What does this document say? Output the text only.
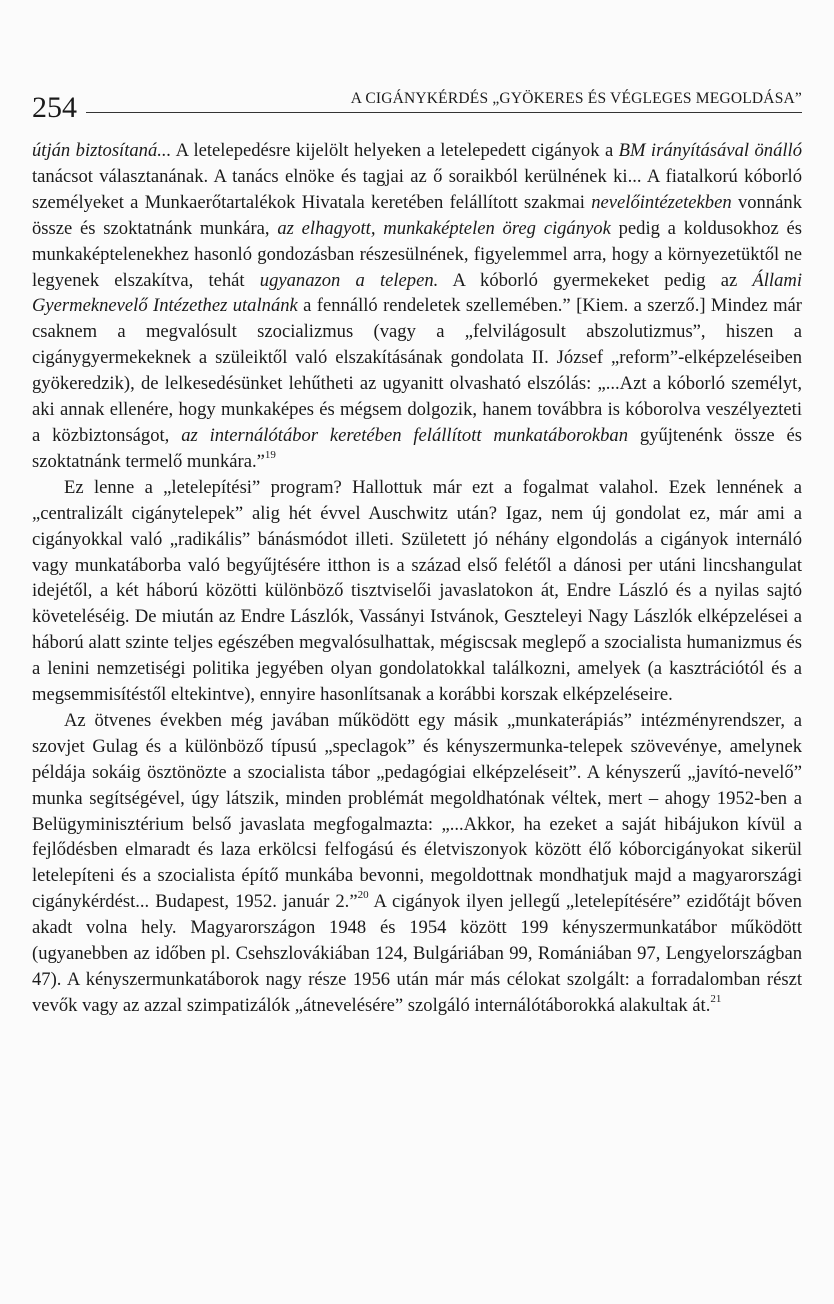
254	A CIGÁNYKÉRDÉS „GYÖKERES ÉS VÉGLEGES MEGOLDÁSA”

útján biztosítaná... A letelepedésre kijelölt helyeken a letelepedett cigányok a BM irányításával önálló tanácsot választanának. A tanács elnöke és tagjai az ő soraikból kerülnének ki... A fiatalkorú kóborló személyeket a Munkaerőtartalékok Hivatala keretében felállított szakmai nevelőintézetekben vonnánk össze és szoktatnánk munkára, az elhagyott, munkaképtelen öreg cigányok pedig a koldusokhoz és munkaképtelenekhez hasonló gondozásban részesülnének, figyelemmel arra, hogy a környezetüktől ne legyenek elszakítva, tehát ugyanazon a telepen. A kóborló gyermekeket pedig az Állami Gyermeknevelő Intézethez utalnánk a fennálló rendeletek szellemében.” [Kiem. a szerző.] Mindez már csaknem a megvalósult szocializmus (vagy a „felvilágosult abszolutizmus”, hiszen a cigánygyermekeknek a szüleiktől való elszakításának gondolata II. József „reform”-elképzeléseiben gyökeredzik), de lelkesedésünket lehűtheti az ugyanitt olvasható elszólás: „...Azt a kóborló személyt, aki annak ellenére, hogy munkaképes és mégsem dolgozik, hanem továbbra is kóborolva veszélyezteti a közbiztonságot, az internálótábor keretében felállított munkatáborokban gyűjtenénk össze és szoktatnánk termelő munkára.”$^{19}$

Ez lenne a „letelepítési” program? Hallottuk már ezt a fogalmat valahol. Ezek lennének a „centralizált cigánytelepek” alig hét évvel Auschwitz után? Igaz, nem új gondolat ez, már ami a cigányokkal való „radikális” bánásmódot illeti. Született jó néhány elgondolás a cigányok internáló vagy munkatáborba való begyűjtésére itthon is a század első felétől a dánosi per utáni lincshangulat idejétől, a két háború közötti különböző tisztviselői javaslatokon át, Endre László és a nyilas sajtó követeléséig. De miután az Endre Lászlók, Vassányi Istvánok, Geszteleyi Nagy Lászlók elképzelései a háború alatt szinte teljes egészében megvalósulhattak, mégiscsak meglepő a szocialista humanizmus és a lenini nemzetiségi politika jegyében olyan gondolatokkal találkozni, amelyek (a kasztrációtól és a megsemmisítéstől eltekintve), ennyire hasonlítsanak a korábbi korszak elképzeléseire.

Az ötvenes években még javában működött egy másik „munkaterápiás” intézményrendszer, a szovjet Gulag és a különböző típusú „speclagok” és kényszermunka-telepek szövevénye, amelynek példája sokáig ösztönözte a szocialista tábor „pedagógiai elképzeléseit”. A kényszerű „javító-nevelő” munka segítségével, úgy látszik, minden problémát megoldhatónak véltek, mert – ahogy 1952-ben a Belügyminisztérium belső javaslata megfogalmazta: „...Akkor, ha ezeket a saját hibájukon kívül a fejlődésben elmaradt és laza erkölcsi felfogású és életviszonyok között élő kóborcigányokat sikerül letelepíteni és a szocialista építő munkába bevonni, megoldottnak mondhatjuk majd a magyarországi cigánykérdést... Budapest, 1952. január 2.”$^{20}$ A cigányok ilyen jellegű „letelepítésére” ezidőtájt bőven akadt volna hely. Magyarországon 1948 és 1954 között 199 kényszermunkatábor működött (ugyanebben az időben pl. Csehszlovákiában 124, Bulgáriában 99, Romániában 97, Lengyelországban 47). A kényszermunkatáborok nagy része 1956 után már más célokat szolgált: a forradalomban részt vevők vagy az azzal szimpatizálók „átnevelésére” szolgáló internálótáborokká alakultak át.$^{21}$
